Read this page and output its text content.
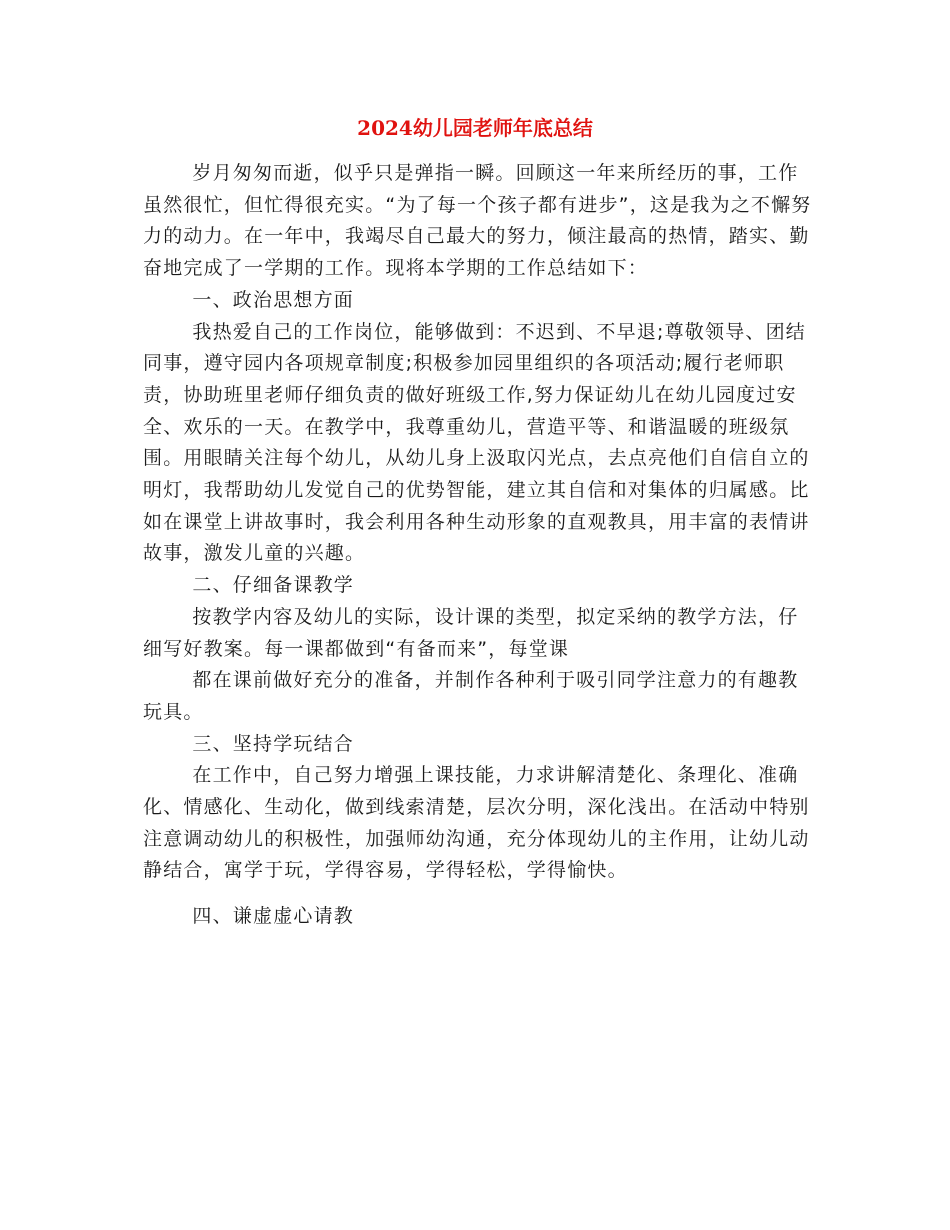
2024幼儿园老师年底总结

岁月匆匆而逝，似乎只是弹指一瞬。回顾这一年来所经历的事，工作虽然很忙，但忙得很充实。“为了每一个孩子都有进步”，这是我为之不懈努力的动力。在一年中，我竭尽自己最大的努力，倾注最高的热情，踏实、勤奋地完成了一学期的工作。现将本学期的工作总结如下：

一、政治思想方面

我热爱自己的工作岗位，能够做到：不迟到、不早退;尊敬领导、团结同事，遵守园内各项规章制度;积极参加园里组织的各项活动;履行老师职责，协助班里老师仔细负责的做好班级工作,努力保证幼儿在幼儿园度过安全、欢乐的一天。在教学中，我尊重幼儿，营造平等、和谐温暖的班级氛围。用眼睛关注每个幼儿，从幼儿身上汲取闪光点，去点亮他们自信自立的明灯，我帮助幼儿发觉自己的优势智能，建立其自信和对集体的归属感。比如在课堂上讲故事时，我会利用各种生动形象的直观教具，用丰富的表情讲故事，激发儿童的兴趣。

二、仔细备课教学

按教学内容及幼儿的实际，设计课的类型，拟定采纳的教学方法，仔细写好教案。每一课都做到“有备而来”，每堂课

都在课前做好充分的准备，并制作各种利于吸引同学注意力的有趣教玩具。

三、坚持学玩结合

在工作中，自己努力增强上课技能，力求讲解清楚化、条理化、准确化、情感化、生动化，做到线索清楚，层次分明，深化浅出。在活动中特别注意调动幼儿的积极性，加强师幼沟通，充分体现幼儿的主作用，让幼儿动静结合，寓学于玩，学得容易，学得轻松，学得愉快。

四、谦虚虚心请教
